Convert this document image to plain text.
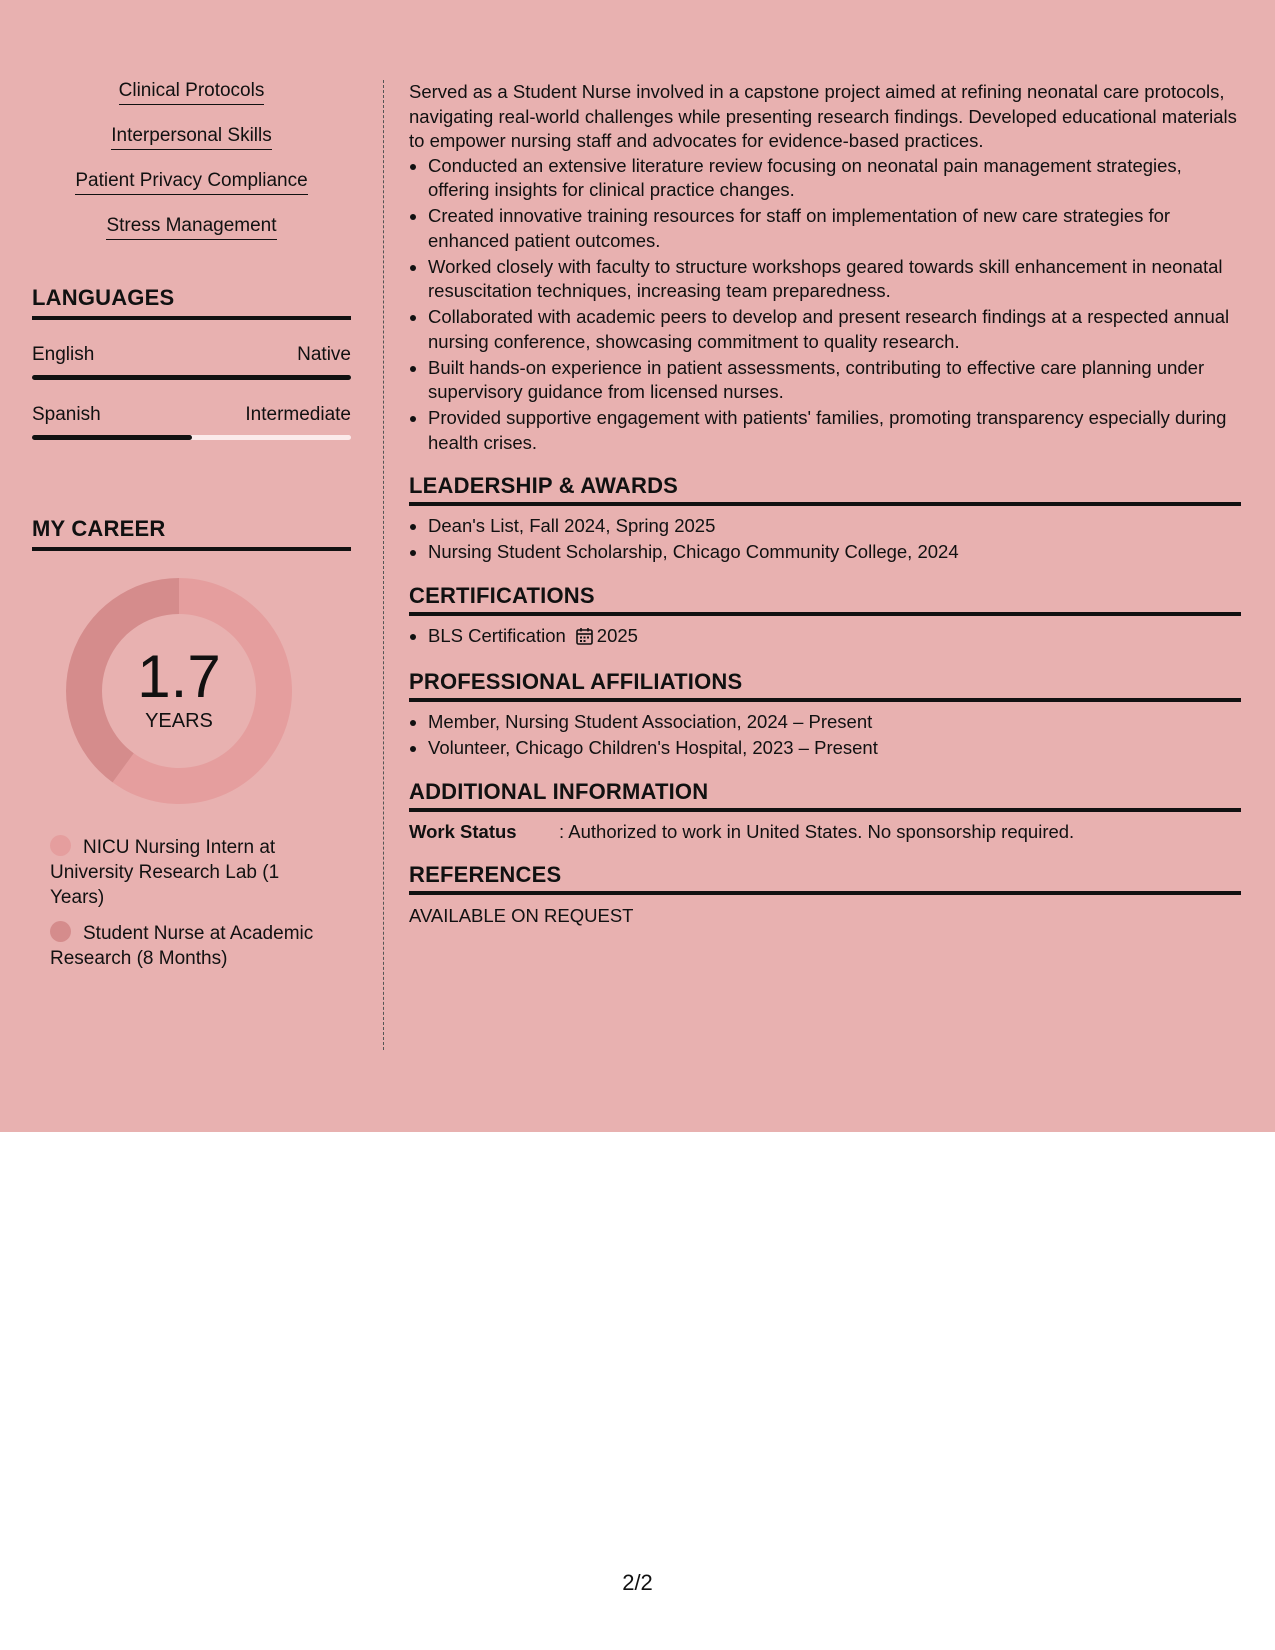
Clinical Protocols
Interpersonal Skills
Patient Privacy Compliance
Stress Management
LANGUAGES
English	Native
Spanish	Intermediate
MY CAREER
1.7
YEARS
NICU Nursing Intern at University Research Lab (1 Years)
Student Nurse at Academic Research (8 Months)

Served as a Student Nurse involved in a capstone project aimed at refining neonatal care protocols, navigating real-world challenges while presenting research findings. Developed educational materials to empower nursing staff and advocates for evidence-based practices.

• Conducted an extensive literature review focusing on neonatal pain management strategies, offering insights for clinical practice changes.
• Created innovative training resources for staff on implementation of new care strategies for enhanced patient outcomes.
• Worked closely with faculty to structure workshops geared towards skill enhancement in neonatal resuscitation techniques, increasing team preparedness.
• Collaborated with academic peers to develop and present research findings at a respected annual nursing conference, showcasing commitment to quality research.
• Built hands-on experience in patient assessments, contributing to effective care planning under supervisory guidance from licensed nurses.
• Provided supportive engagement with patients' families, promoting transparency especially during health crises.
LEADERSHIP & AWARDS
• Dean's List, Fall 2024, Spring 2025
• Nursing Student Scholarship, Chicago Community College, 2024
CERTIFICATIONS
• BLS Certification 2025
PROFESSIONAL AFFILIATIONS
• Member, Nursing Student Association, 2024 – Present
• Volunteer, Chicago Children's Hospital, 2023 – Present
ADDITIONAL INFORMATION
Work Status : Authorized to work in United States. No sponsorship required.
REFERENCES
AVAILABLE ON REQUEST
2/2
